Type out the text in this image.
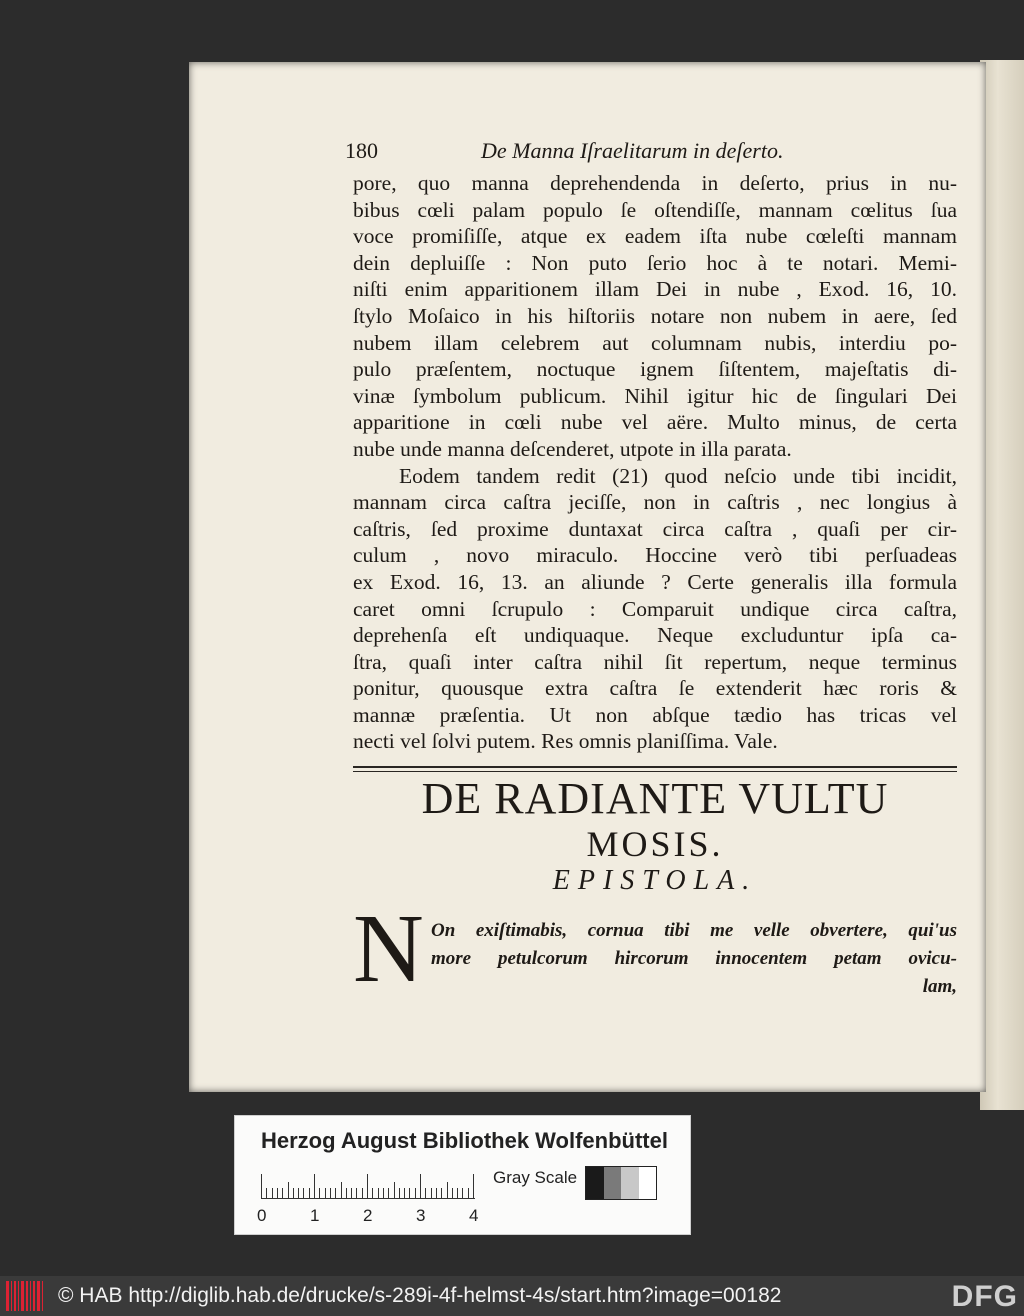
180	De Manna Iſraelitarum in deſerto.
pore, quo manna deprehendenda in deſerto, prius in nu-
bibus cœli palam populo ſe oſtendiſſe, mannam cœlitus ſua
voce promiſiſſe, atque ex eadem iſta nube cœleſti mannam
dein depluiſſe : Non puto ſerio hoc à te notari. Memi-
niſti enim apparitionem illam Dei in nube , Exod. 16, 10.
ſtylo Moſaico in his hiſtoriis notare non nubem in aere, ſed
nubem illam celebrem aut columnam nubis, interdiu po-
pulo præſentem, noctuque ignem ſiſtentem, majeſtatis di-
vinæ ſymbolum publicum. Nihil igitur hic de ſingulari Dei
apparitione in cœli nube vel aëre. Multo minus, de certa
nube unde manna deſcenderet, utpote in illa parata.
Eodem tandem redit (21) quod neſcio unde tibi incidit,
mannam circa caſtra jeciſſe, non in caſtris , nec longius à
caſtris, ſed proxime duntaxat circa caſtra , quaſi per cir-
culum , novo miraculo. Hoccine verò tibi perſuadeas
ex Exod. 16, 13. an aliunde ? Certe generalis illa formula
caret omni ſcrupulo : Comparuit undique circa caſtra,
deprehenſa eſt undiquaque. Neque excluduntur ipſa ca-
ſtra, quaſi inter caſtra nihil ſit repertum, neque terminus
ponitur, quousque extra caſtra ſe extenderit hæc roris &
mannæ præſentia. Ut non abſque tædio has tricas vel
necti vel ſolvi putem. Res omnis planiſſima. Vale.
DE RADIANTE VULTU
MOSIS.
EPISTOLA.
N On exiſtimabis, cornua tibi me velle obvertere, qui'us
more petulcorum hircorum innocentem petam ovicu-
lam,
Herzog August Bibliothek Wolfenbüttel
0	1	2	3	4
Gray Scale
© HAB http://diglib.hab.de/drucke/s-289i-4f-helmst-4s/start.htm?image=00182	DFG
